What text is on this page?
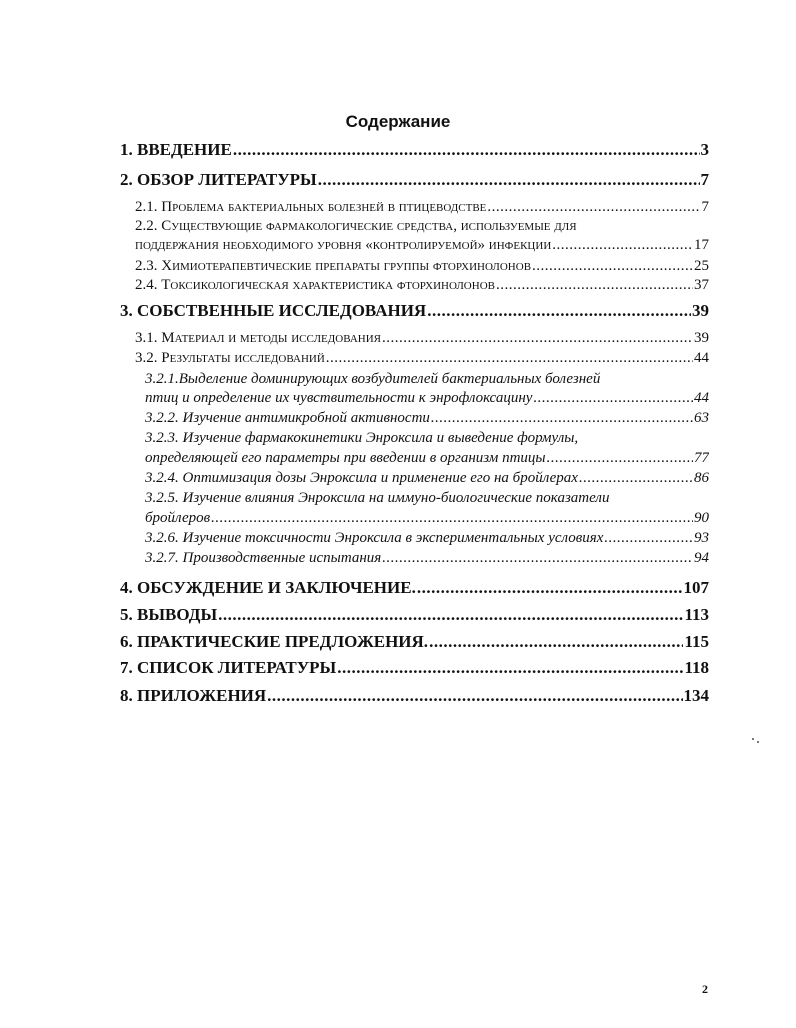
Содержание
1. ВВЕДЕНИЕ .....	3
2. ОБЗОР ЛИТЕРАТУРЫ .....	7
2.1. Проблема бактериальных болезней в птицеводстве .....	7
2.2. Существующие фармакологические средства, используемые для
поддержания необходимого уровня «контролируемой» инфекции .....	17
2.3. Химиотерапевтические препараты группы фторхинолонов .....	25
2.4. Токсикологическая характеристика фторхинолонов .....	37
3. СОБСТВЕННЫЕ ИССЛЕДОВАНИЯ .....	39
3.1. Материал и методы исследования .....	39
3.2. Результаты исследований .....	44
3.2.1.Выделение доминирующих возбудителей бактериальных болезней
птиц и определение их чувствительности к энрофлоксацину .....	44
3.2.2. Изучение антимикробной активности .....	63
3.2.3. Изучение фармакокинетики Энроксила и выведение формулы,
определяющей его параметры при введении в организм птицы .....	77
3.2.4. Оптимизация дозы Энроксила и применение его на бройлерах .....	86
3.2.5. Изучение влияния Энроксила на иммуно-биологические показатели
бройлеров .....	90
3.2.6. Изучение токсичности Энроксила в экспериментальных условиях .....	93
3.2.7. Производственные испытания .....	94
4. ОБСУЖДЕНИЕ И ЗАКЛЮЧЕНИЕ. .....	107
5. ВЫВОДЫ .....	113
6. ПРАКТИЧЕСКИЕ ПРЕДЛОЖЕНИЯ. .....	115
7. СПИСОК ЛИТЕРАТУРЫ .....	118
8. ПРИЛОЖЕНИЯ .....	134
2
